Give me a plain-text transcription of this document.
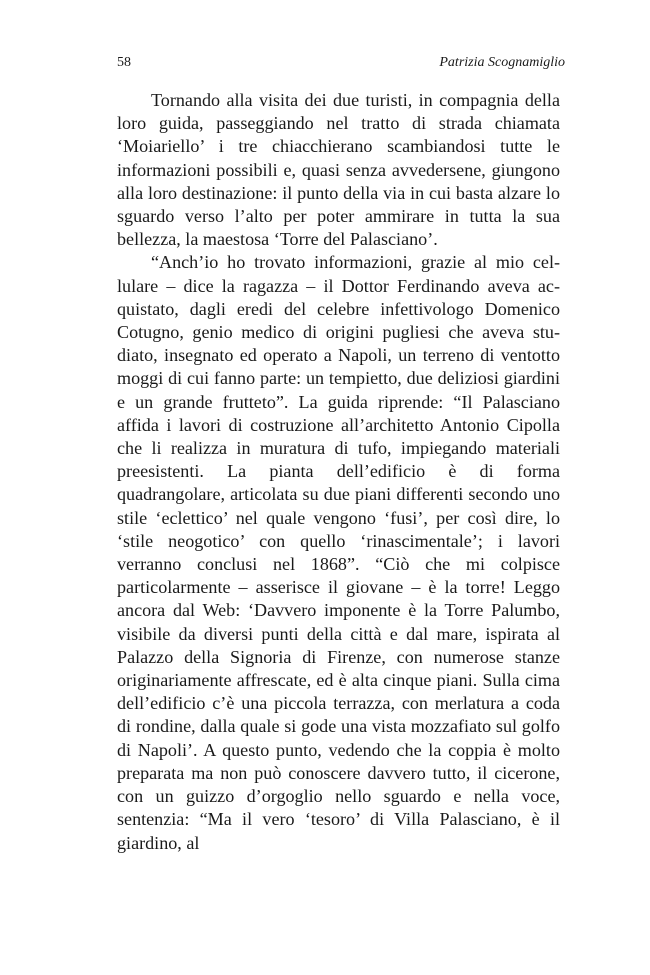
58	Patrizia Scognamiglio

Tornando alla visita dei due turisti, in compagnia della loro guida, passeggiando nel tratto di strada chiamata ‘Moiariello’ i tre chiacchierano scambiandosi tutte le informazioni possibili e, quasi senza avvedersene, giungono alla loro destinazione: il punto della via in cui basta alzare lo sguardo verso l’alto per poter ammirare in tutta la sua bellezza, la maestosa ‘Torre del Palasciano’.

“Anch’io ho trovato informazioni, grazie al mio cellulare – dice la ragazza – il Dottor Ferdinando aveva acquistato, dagli eredi del celebre infettivologo Domenico Cotugno, genio medico di origini pugliesi che aveva studiato, insegnato ed operato a Napoli, un terreno di ventotto moggi di cui fanno parte: un tempietto, due deliziosi giardini e un grande frutteto”. La guida riprende: “Il Palasciano affida i lavori di costruzione all’architetto Antonio Cipolla che li realizza in muratura di tufo, impiegando materiali preesistenti. La pianta dell’edificio è di forma quadrangolare, articolata su due piani differenti secondo uno stile ‘eclettico’ nel quale vengono ‘fusi’, per così dire, lo ‘stile neogotico’ con quello ‘rinascimentale’; i lavori verranno conclusi nel 1868”. “Ciò che mi colpisce particolarmente – asserisce il giovane – è la torre! Leggo ancora dal Web: ‘Davvero imponente è la Torre Palumbo, visibile da diversi punti della città e dal mare, ispirata al Palazzo della Signoria di Firenze, con numerose stanze originariamente affrescate, ed è alta cinque piani. Sulla cima dell’edificio c’è una piccola terrazza, con merlatura a coda di rondine, dalla quale si gode una vista mozzafiato sul golfo di Napoli’. A questo punto, vedendo che la coppia è molto preparata ma non può conoscere davvero tutto, il cicerone, con un guizzo d’orgoglio nello sguardo e nella voce, sentenzia: “Ma il vero ‘tesoro’ di Villa Palasciano, è il giardino, al
